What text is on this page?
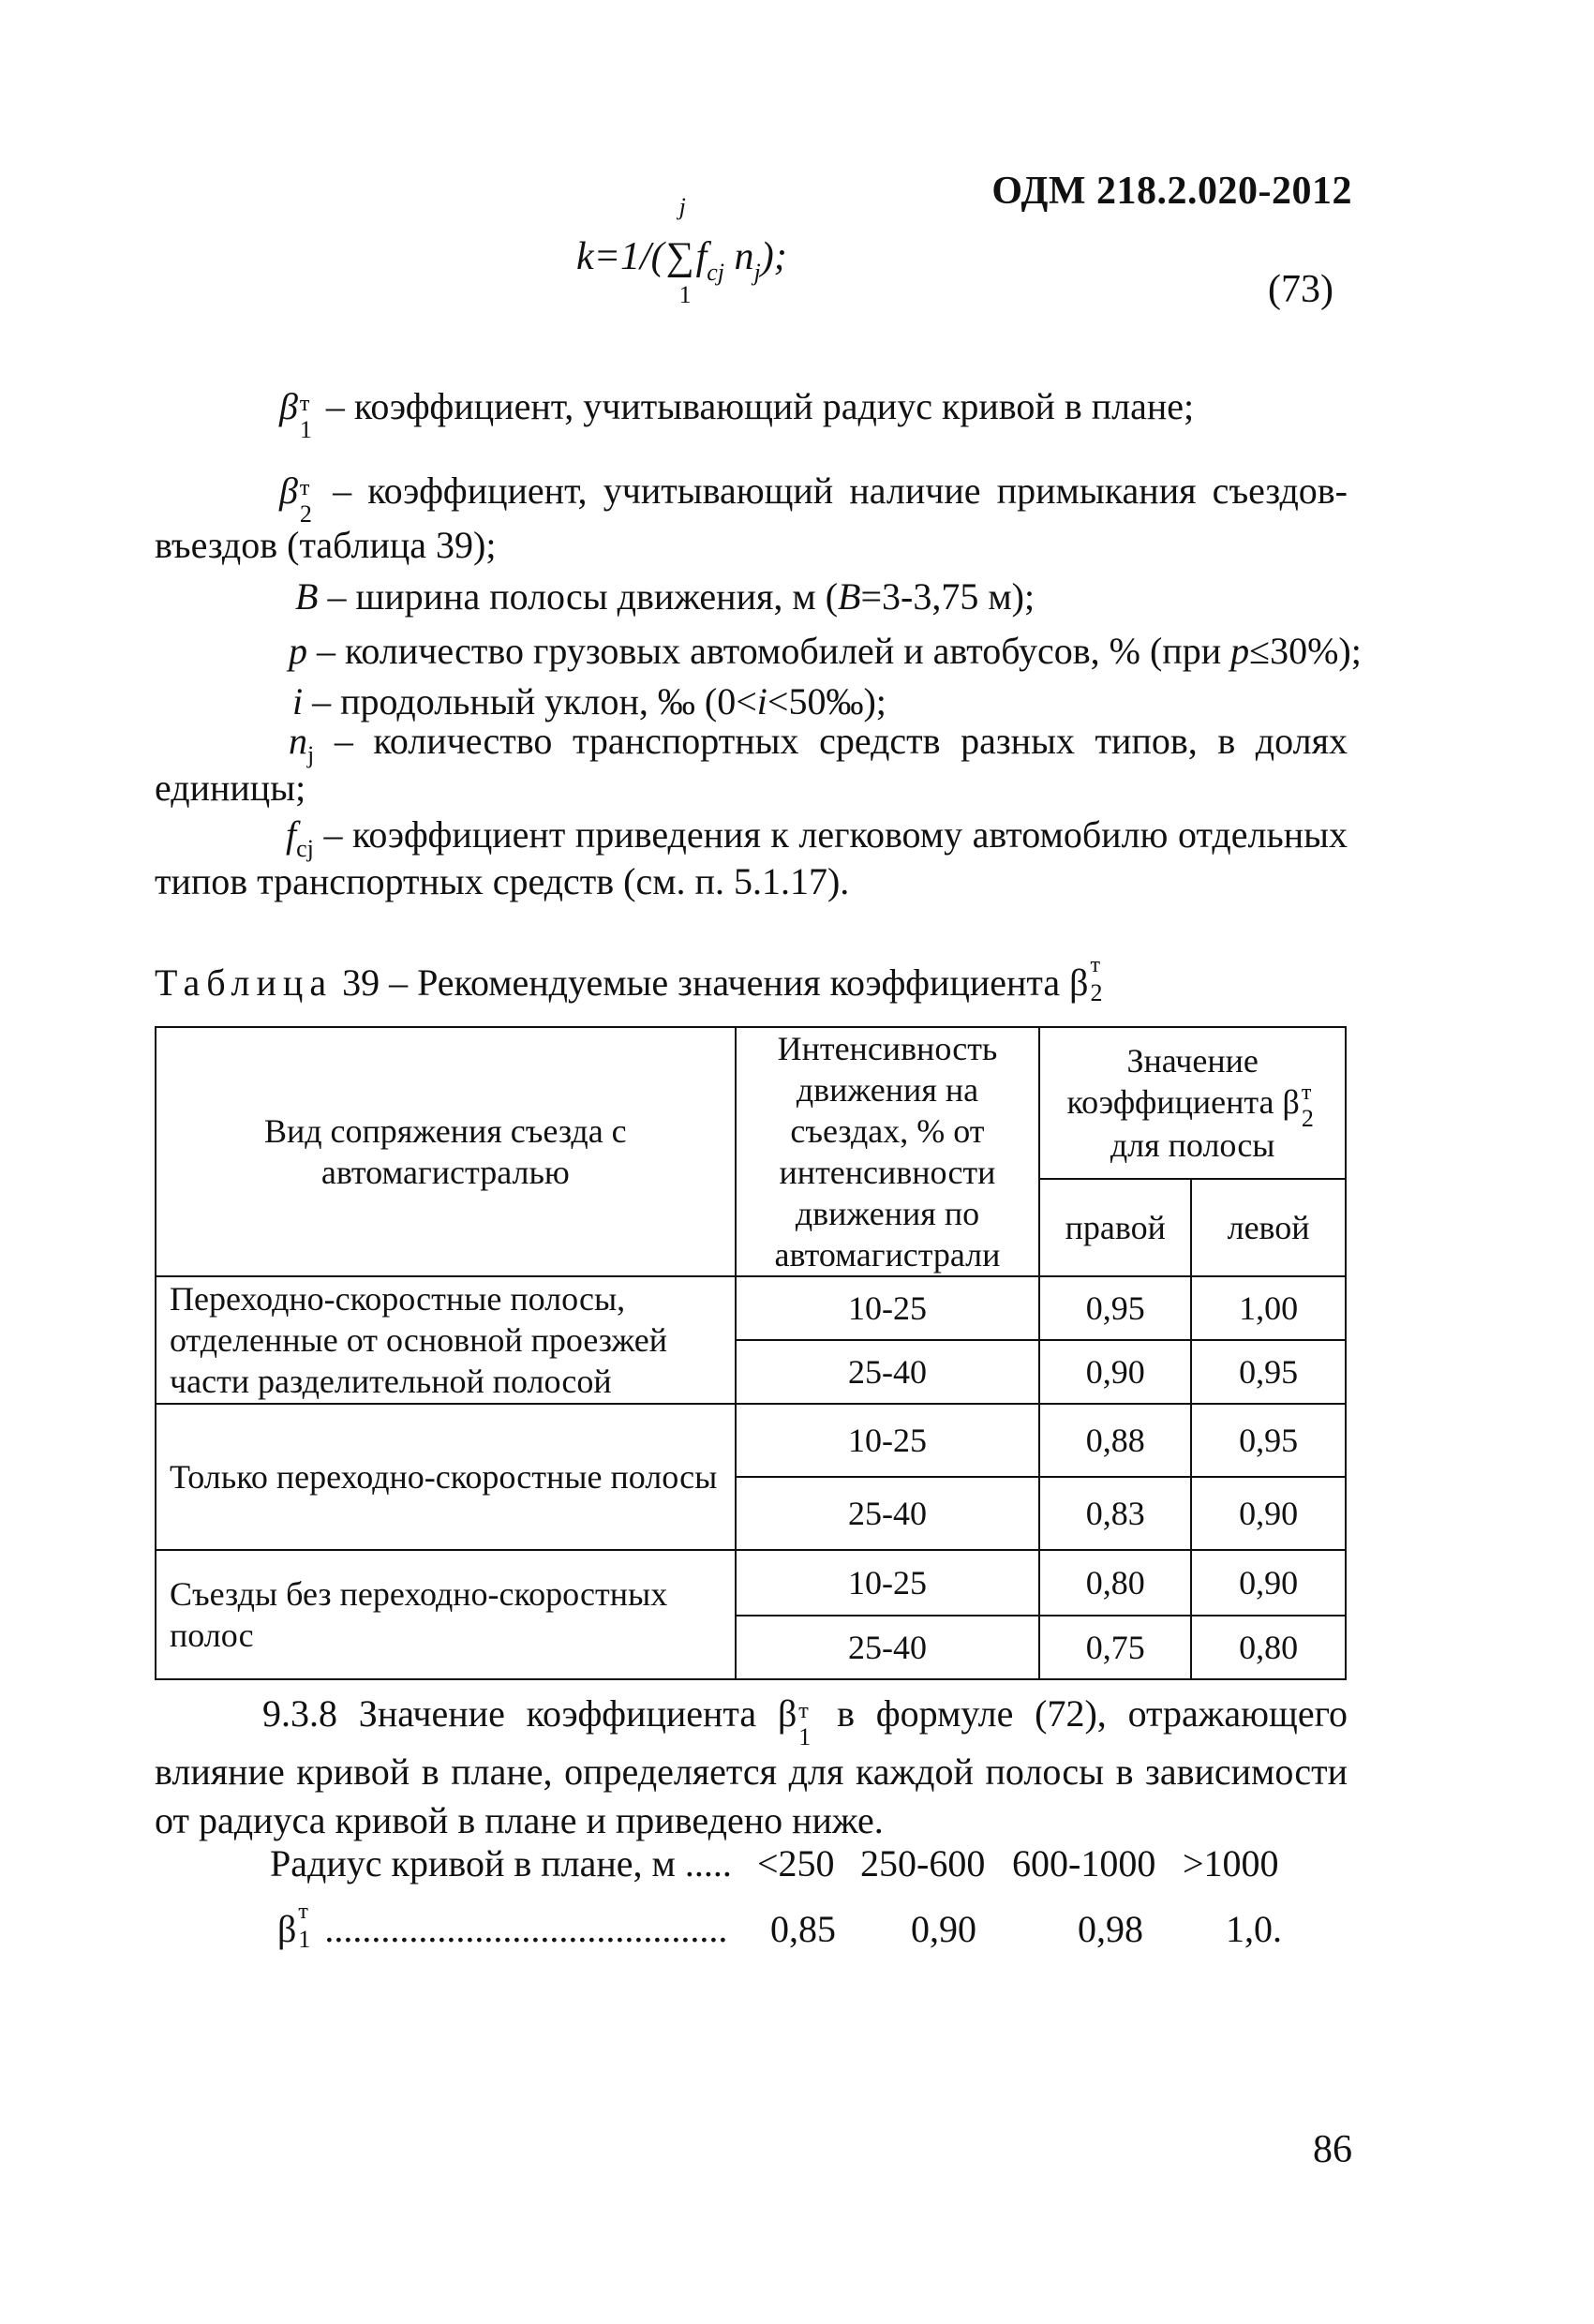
ОДМ 218.2.020-2012
k=1/(∑
j
1
$f_{cj}$ $n_j$);
(73)
β т
1
– коэффициент, учитывающий радиус кривой в плане;
β т
2
– коэффициент, учитывающий наличие примыкания съездов-
въездов (таблица 39);
B – ширина полосы движения, м (B=3-3,75 м);
p – количество грузовых автомобилей и автобусов, % (при p≤30%);
i – продольный уклон, ‰ (0<i<50‰);
$n_j$ – количество транспортных средств разных типов, в долях
единицы;
$f_{cj}$ – коэффициент приведения к легковому автомобилю отдельных
типов транспортных средств (см. п. 5.1.17).
Таблица 39 – Рекомендуемые значения коэффициента β т
2
Вид сопряжения съезда с автомагистралью	Интенсивность движения на съездах, % от интенсивности движения по автомагистрали	Значение коэффициента β т
2

для полосы	
		правой	левой
Переходно-скоростные полосы, отделенные от основной проезжей части разделительной полосой	10-25	0,95	1,00
	25-40	0,90	0,95
Только переходно-скоростные полосы	10-25	0,88	0,95
	25-40	0,83	0,90
Съезды без переходно-скоростных полос	10-25	0,80	0,90
	25-40	0,75	0,80
9.3.8 Значение коэффициента β т
1
в формуле (72), отражающего
влияние кривой в плане, определяется для каждой полосы в зависимости
от радиуса кривой в плане и приведено ниже.
Радиус кривой в плане, м ..... <250 250-600 600-1000 >1000
β т
1 ........................................... 0,85 0,90	0,98 1,0.
86
